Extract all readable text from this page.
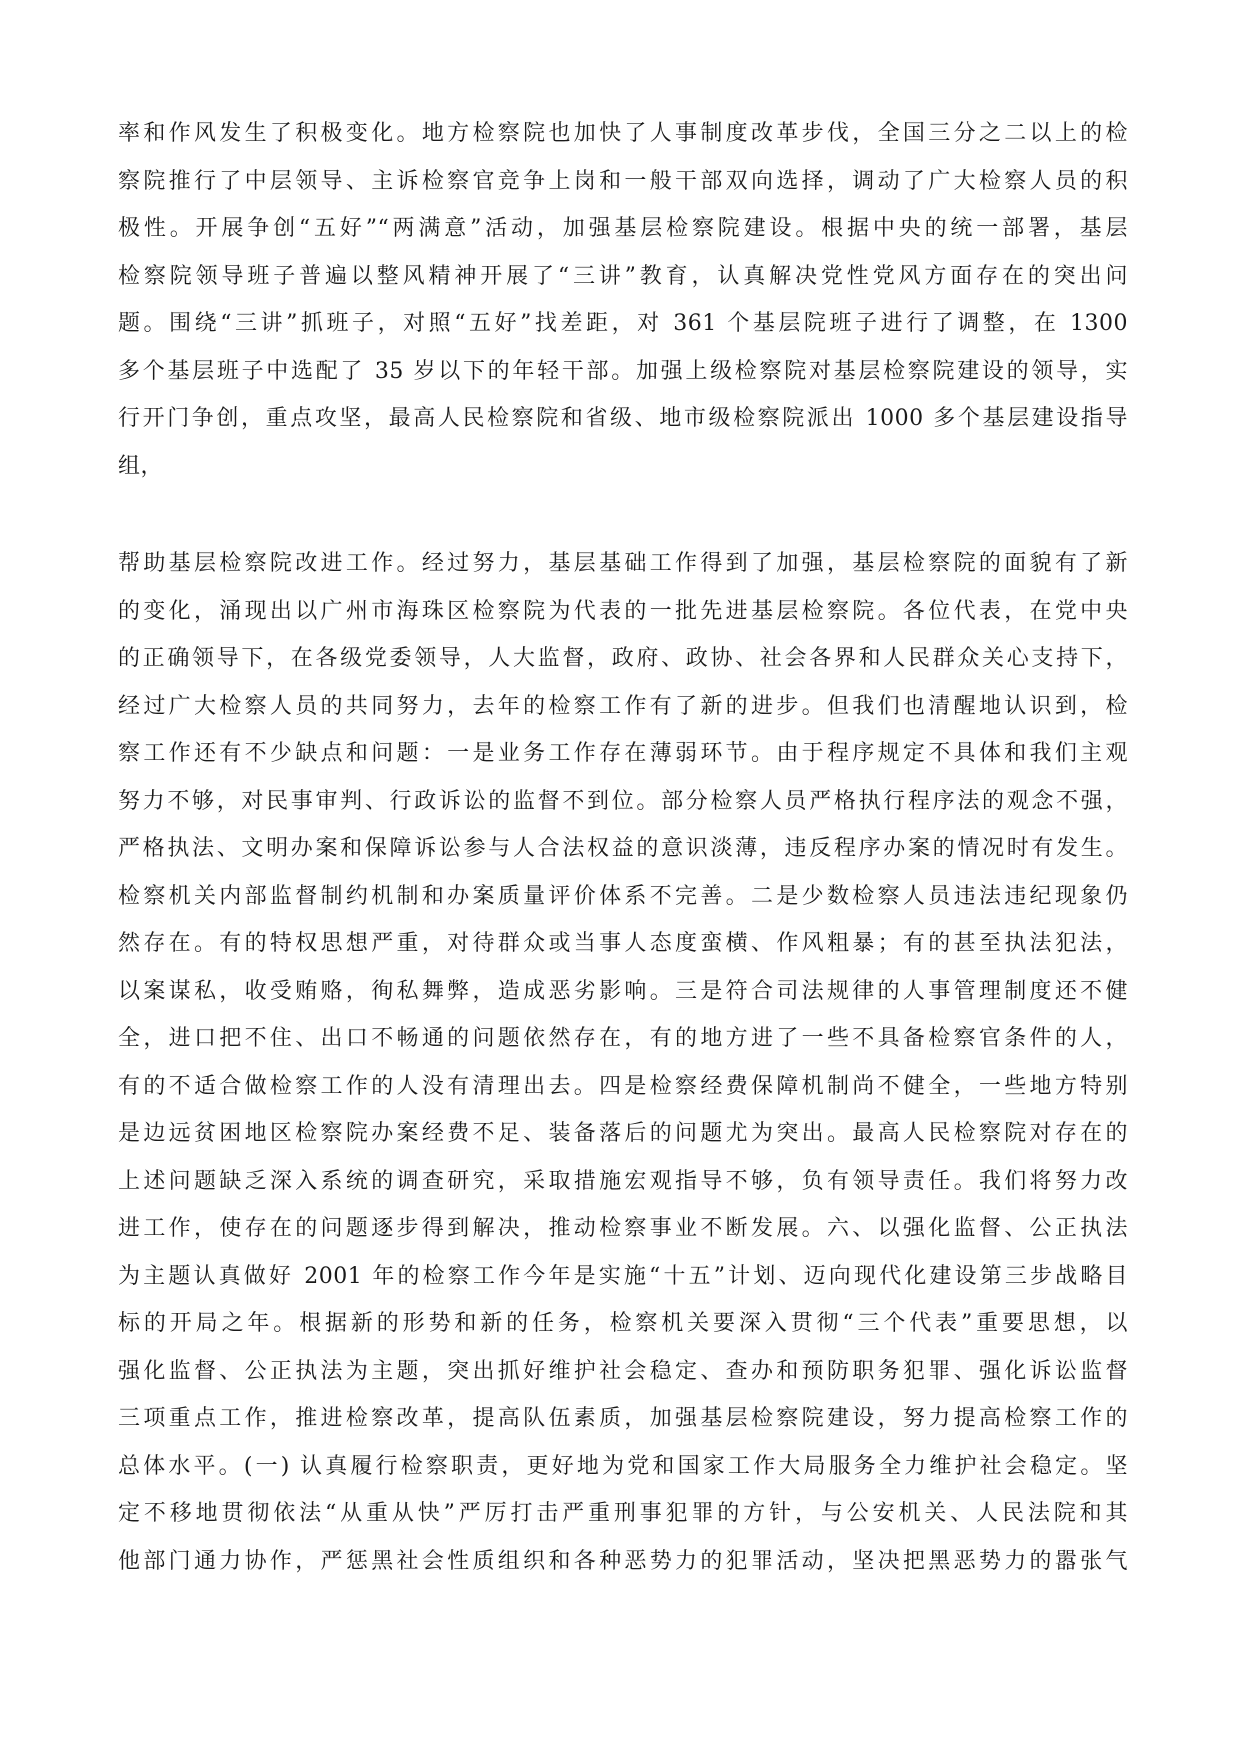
率和作风发生了积极变化。地方检察院也加快了人事制度改革步伐，全国三分之二以上的检
察院推行了中层领导、主诉检察官竞争上岗和一般干部双向选择，调动了广大检察人员的积
极性。开展争创“五好”“两满意”活动，加强基层检察院建设。根据中央的统一部署，基层
检察院领导班子普遍以整风精神开展了“三讲”教育，认真解决党性党风方面存在的突出问
题。围绕“三讲”抓班子，对照“五好”找差距，对 361 个基层院班子进行了调整，在 1300
多个基层班子中选配了 35 岁以下的年轻干部。加强上级检察院对基层检察院建设的领导，实
行开门争创，重点攻坚，最高人民检察院和省级、地市级检察院派出 1000 多个基层建设指导
组，
帮助基层检察院改进工作。经过努力，基层基础工作得到了加强，基层检察院的面貌有了新
的变化，涌现出以广州市海珠区检察院为代表的一批先进基层检察院。各位代表，在党中央
的正确领导下，在各级党委领导，人大监督，政府、政协、社会各界和人民群众关心支持下，
经过广大检察人员的共同努力，去年的检察工作有了新的进步。但我们也清醒地认识到，检
察工作还有不少缺点和问题：一是业务工作存在薄弱环节。由于程序规定不具体和我们主观
努力不够，对民事审判、行政诉讼的监督不到位。部分检察人员严格执行程序法的观念不强，
严格执法、文明办案和保障诉讼参与人合法权益的意识淡薄，违反程序办案的情况时有发生。
检察机关内部监督制约机制和办案质量评价体系不完善。二是少数检察人员违法违纪现象仍
然存在。有的特权思想严重，对待群众或当事人态度蛮横、作风粗暴；有的甚至执法犯法，
以案谋私，收受贿赂，徇私舞弊，造成恶劣影响。三是符合司法规律的人事管理制度还不健
全，进口把不住、出口不畅通的问题依然存在，有的地方进了一些不具备检察官条件的人，
有的不适合做检察工作的人没有清理出去。四是检察经费保障机制尚不健全，一些地方特别
是边远贫困地区检察院办案经费不足、装备落后的问题尤为突出。最高人民检察院对存在的
上述问题缺乏深入系统的调查研究，采取措施宏观指导不够，负有领导责任。我们将努力改
进工作，使存在的问题逐步得到解决，推动检察事业不断发展。六、以强化监督、公正执法
为主题认真做好 2001 年的检察工作今年是实施“十五”计划、迈向现代化建设第三步战略目
标的开局之年。根据新的形势和新的任务，检察机关要深入贯彻“三个代表”重要思想，以
强化监督、公正执法为主题，突出抓好维护社会稳定、查办和预防职务犯罪、强化诉讼监督
三项重点工作，推进检察改革，提高队伍素质，加强基层检察院建设，努力提高检察工作的
总体水平。(一) 认真履行检察职责，更好地为党和国家工作大局服务全力维护社会稳定。坚
定不移地贯彻依法“从重从快”严厉打击严重刑事犯罪的方针，与公安机关、人民法院和其
他部门通力协作，严惩黑社会性质组织和各种恶势力的犯罪活动，坚决把黑恶势力的嚣张气
